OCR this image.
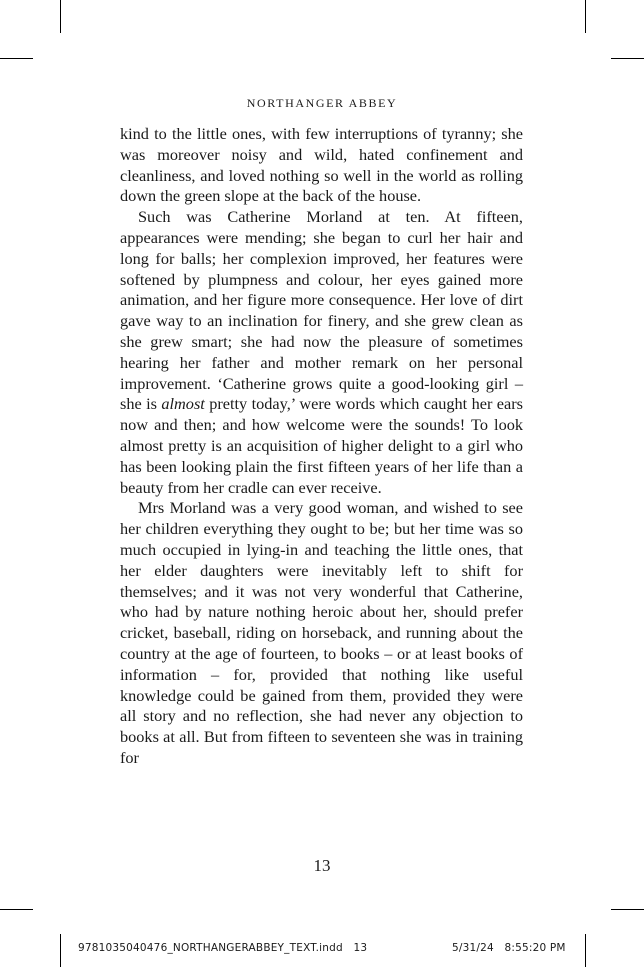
NORTHANGER ABBEY

kind to the little ones, with few interruptions of tyranny; she was moreover noisy and wild, hated confinement and cleanliness, and loved nothing so well in the world as rolling down the green slope at the back of the house.

Such was Catherine Morland at ten. At fifteen, appearances were mending; she began to curl her hair and long for balls; her complexion improved, her features were softened by plumpness and colour, her eyes gained more animation, and her figure more consequence. Her love of dirt gave way to an inclination for finery, and she grew clean as she grew smart; she had now the pleasure of sometimes hearing her father and mother remark on her personal improvement. ‘Catherine grows quite a good-looking girl – she is almost pretty today,’ were words which caught her ears now and then; and how welcome were the sounds! To look almost pretty is an acquisition of higher delight to a girl who has been looking plain the first fifteen years of her life than a beauty from her cradle can ever receive.

Mrs Morland was a very good woman, and wished to see her children everything they ought to be; but her time was so much occupied in lying-in and teaching the little ones, that her elder daughters were inevitably left to shift for themselves; and it was not very wonderful that Catherine, who had by nature nothing heroic about her, should prefer cricket, baseball, riding on horseback, and running about the country at the age of fourteen, to books – or at least books of information – for, provided that nothing like useful knowledge could be gained from them, provided they were all story and no reflection, she had never any objection to books at all. But from fifteen to seventeen she was in training for

13
9781035040476_NORTHANGERABBEY_TEXT.indd   13	5/31/24   8:55:20 PM
